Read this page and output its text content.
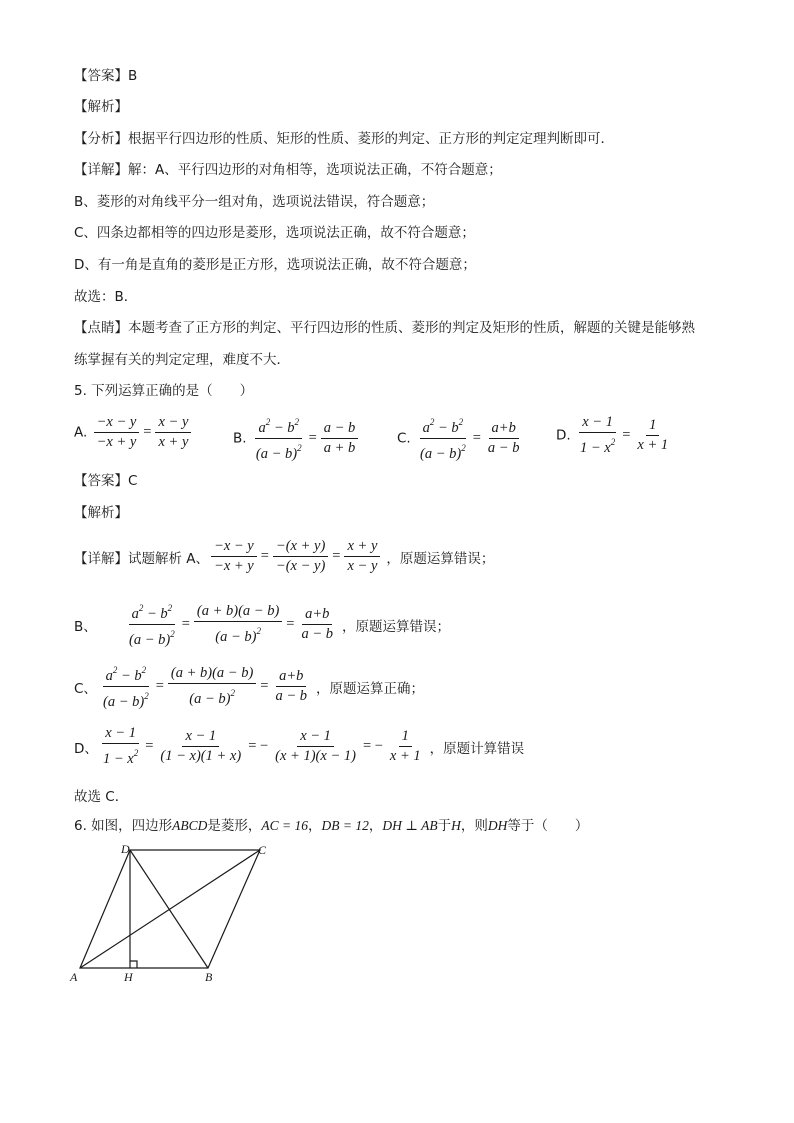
【答案】B
【解析】
【分析】根据平行四边形的性质、矩形的性质、菱形的判定、正方形的判定定理判断即可．
【详解】解：A、平行四边形的对角相等，选项说法正确，不符合题意；
B、菱形的对角线平分一组对角，选项说法错误，符合题意；
C、四条边都相等的四边形是菱形，选项说法正确，故不符合题意；
D、有一角是直角的菱形是正方形，选项说法正确，故不符合题意；
故选：B．
【点睛】本题考查了正方形的判定、平行四边形的性质、菱形的判定及矩形的性质，解题的关键是能够熟
练掌握有关的判定定理，难度不大．
5. 下列运算正确的是（　　）
A. $\frac{-x - y}{-x + y} = \frac{x - y}{x + y}$	B. $\frac{a^2 - b^2}{(a - b)^2} = \frac{a - b}{a + b}$	C. $\frac{a^2 - b^2}{(a - b)^2} = \frac{a+b}{a - b} D$. $\frac{x - 1}{1 - x^2} = \frac{1}{x + 1}$
【答案】C
【解析】
【详解】试题解析 A、 $\frac{-x - y}{-x + y} = \frac{-(x + y)}{-(x - y)} = \frac{x + y}{x - y}$ ，原题运算错误；
B、	$\frac{a^2 - b^2}{(a - b)^2} = \frac{(a + b)(a - b)}{(a - b)^2} = \frac{a+b}{a - b}$ ，原题运算错误；
C、 $\frac{a^2 - b^2}{(a - b)^2} = \frac{(a + b)(a - b)}{(a - b)^2} = \frac{a+b}{a - b}$ ，原题运算正确；
D、 $\frac{x - 1}{1 - x^2} = \frac{x - 1}{(1 - x)(1 + x)}$ = − $\frac{x - 1}{(x + 1)(x - 1)}$ = − $\frac{1}{x + 1}$ ，原题计算错误
故选 C．
6. 如图，四边形ABCD是菱形，AC = 16，DB = 12，DH ⊥ AB于H，则DH等于（　　）
D	C
A	H	B
